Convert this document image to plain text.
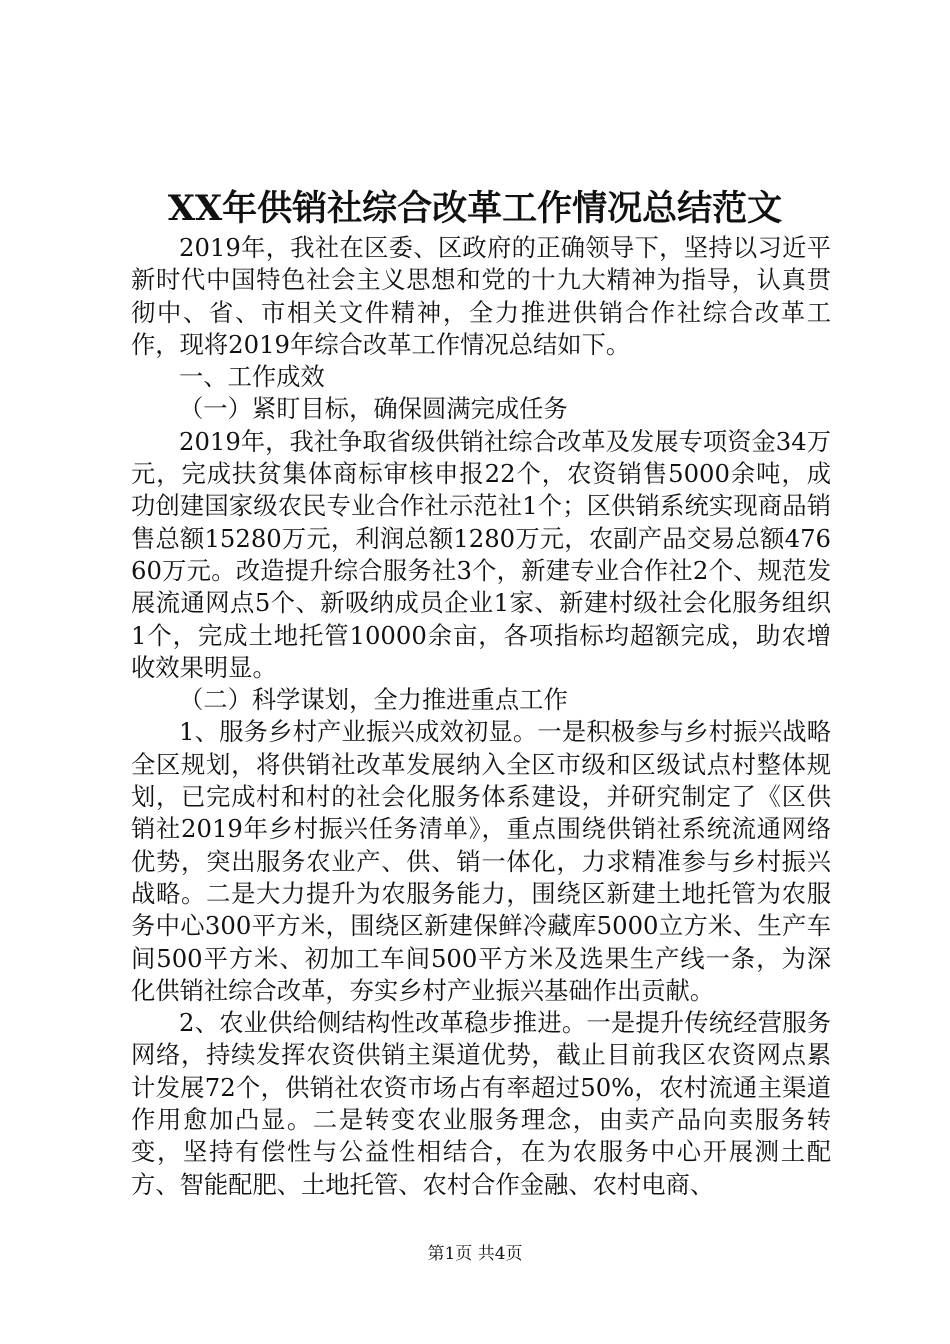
XX年供销社综合改革工作情况总结范文

2019年，我社在区委、区政府的正确领导下，坚持以习近平新时代中国特色社会主义思想和党的十九大精神为指导，认真贯彻中、省、市相关文件精神，全力推进供销合作社综合改革工作，现将2019年综合改革工作情况总结如下。

一、工作成效

（一）紧盯目标，确保圆满完成任务

2019年，我社争取省级供销社综合改革及发展专项资金34万元，完成扶贫集体商标审核申报22个，农资销售5000余吨，成功创建国家级农民专业合作社示范社1个；区供销系统实现商品销售总额15280万元，利润总额1280万元，农副产品交易总额47660万元。改造提升综合服务社3个，新建专业合作社2个、规范发展流通网点5个、新吸纳成员企业1家、新建村级社会化服务组织1个，完成土地托管10000余亩，各项指标均超额完成，助农增收效果明显。

（二）科学谋划，全力推进重点工作

1、服务乡村产业振兴成效初显。一是积极参与乡村振兴战略全区规划，将供销社改革发展纳入全区市级和区级试点村整体规划，已完成村和村的社会化服务体系建设，并研究制定了《区供销社2019年乡村振兴任务清单》，重点围绕供销社系统流通网络优势，突出服务农业产、供、销一体化，力求精准参与乡村振兴战略。二是大力提升为农服务能力，围绕区新建土地托管为农服务中心300平方米，围绕区新建保鲜冷藏库5000立方米、生产车间500平方米、初加工车间500平方米及选果生产线一条，为深化供销社综合改革，夯实乡村产业振兴基础作出贡献。

2、农业供给侧结构性改革稳步推进。一是提升传统经营服务网络，持续发挥农资供销主渠道优势，截止目前我区农资网点累计发展72个，供销社农资市场占有率超过50%，农村流通主渠道作用愈加凸显。二是转变农业服务理念，由卖产品向卖服务转变，坚持有偿性与公益性相结合，在为农服务中心开展测土配方、智能配肥、土地托管、农村合作金融、农村电商、

第1页 共4页
